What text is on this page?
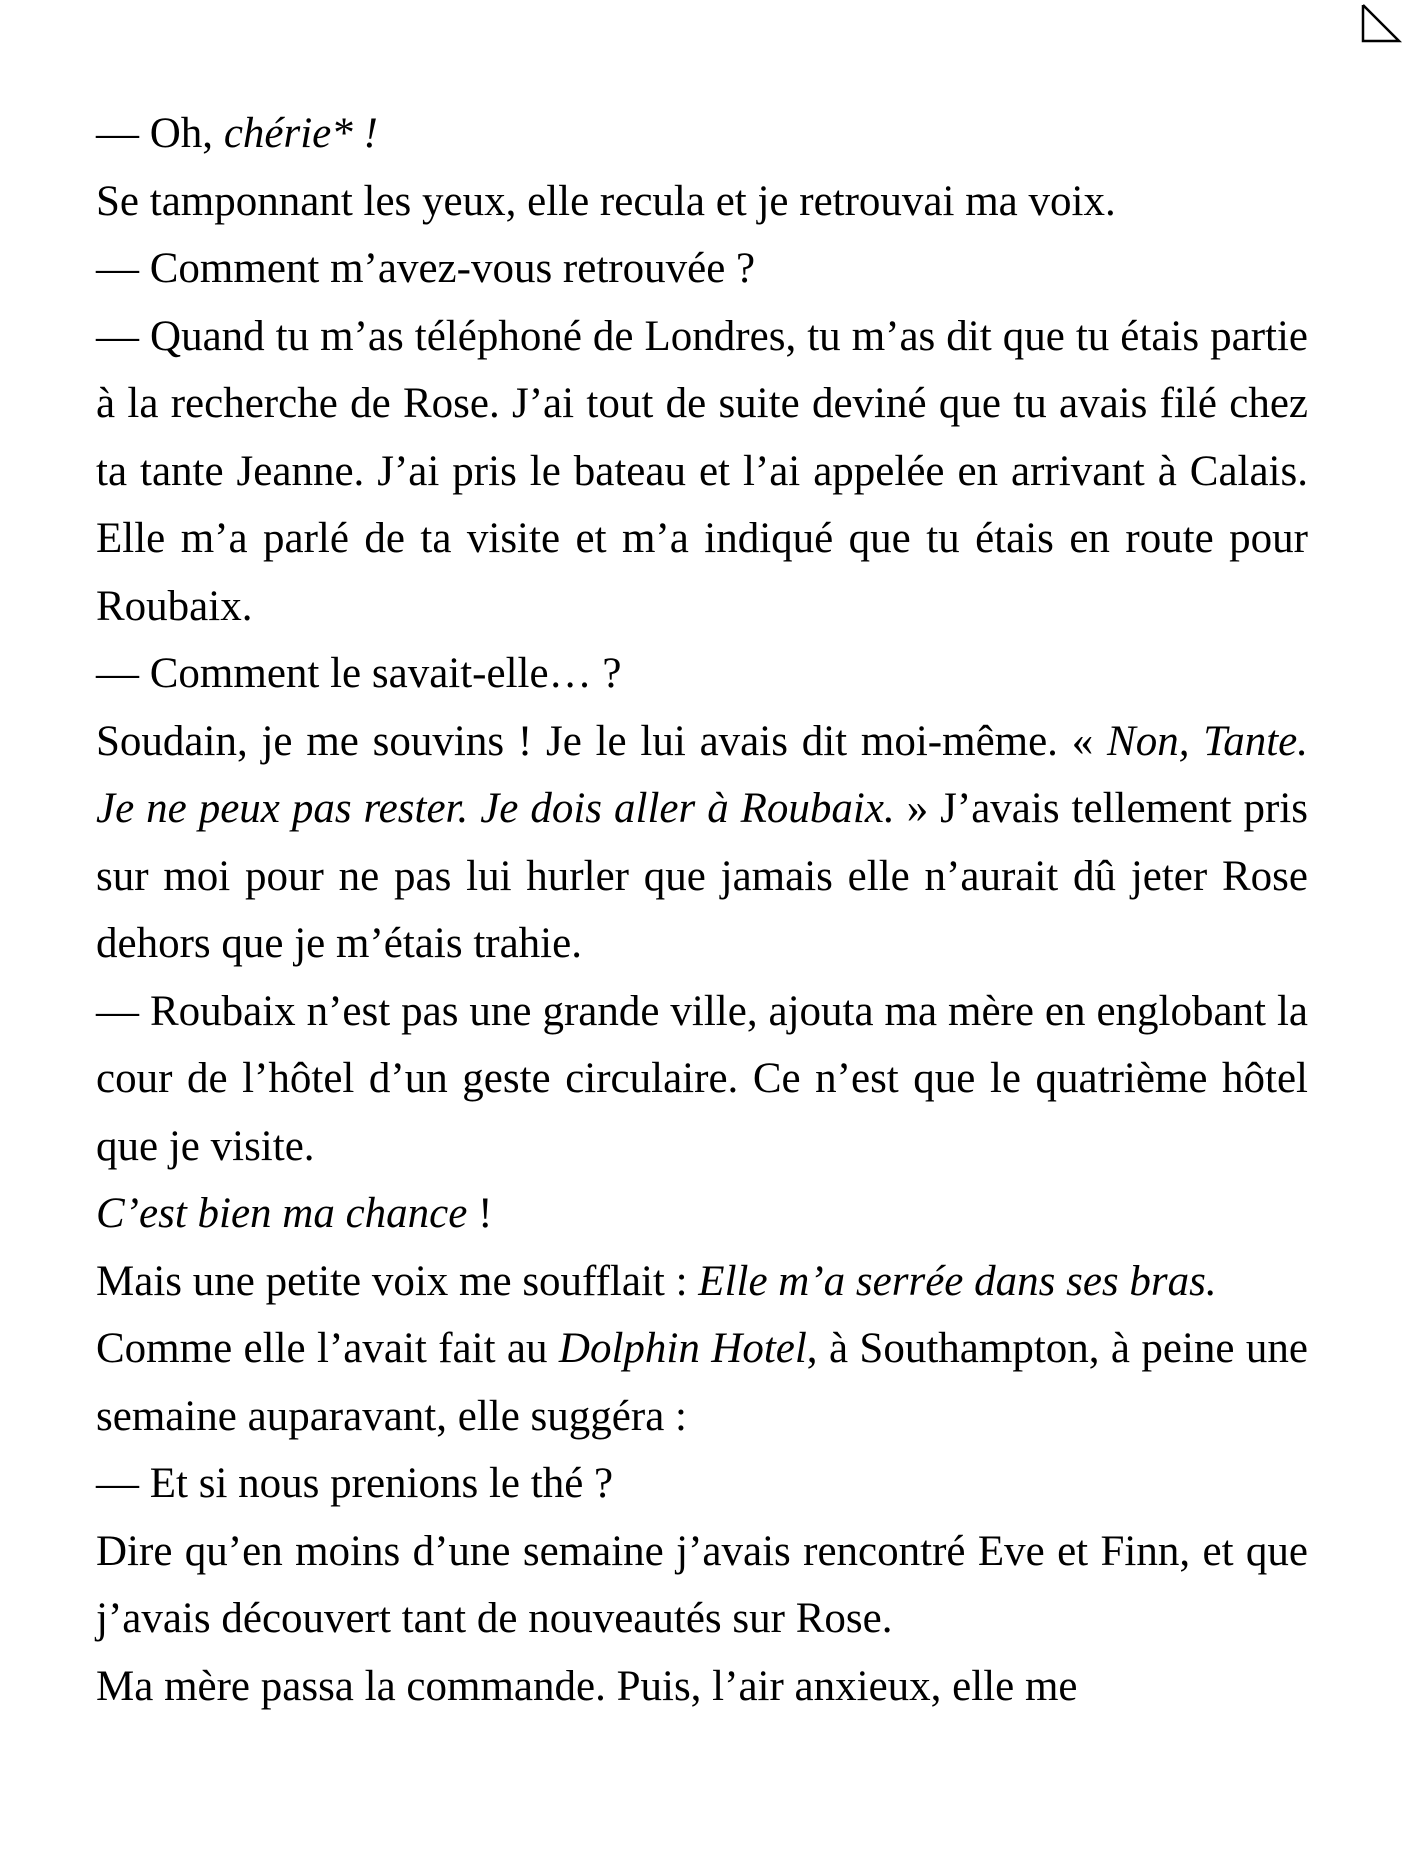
— Oh, chérie* !

Se tamponnant les yeux, elle recula et je retrouvai ma voix.

— Comment m’avez-vous retrouvée ?

— Quand tu m’as téléphoné de Londres, tu m’as dit que tu étais partie à la recherche de Rose. J’ai tout de suite deviné que tu avais filé chez ta tante Jeanne. J’ai pris le bateau et l’ai appelée en arrivant à Calais. Elle m’a parlé de ta visite et m’a indiqué que tu étais en route pour Roubaix.

— Comment le savait-elle… ?

Soudain, je me souvins ! Je le lui avais dit moi-même. « Non, Tante. Je ne peux pas rester. Je dois aller à Roubaix. » J’avais tellement pris sur moi pour ne pas lui hurler que jamais elle n’aurait dû jeter Rose dehors que je m’étais trahie.

— Roubaix n’est pas une grande ville, ajouta ma mère en englobant la cour de l’hôtel d’un geste circulaire. Ce n’est que le quatrième hôtel que je visite.

C’est bien ma chance !

Mais une petite voix me soufflait : Elle m’a serrée dans ses bras.

Comme elle l’avait fait au Dolphin Hotel, à Southampton, à peine une semaine auparavant, elle suggéra :

— Et si nous prenions le thé ?

Dire qu’en moins d’une semaine j’avais rencontré Eve et Finn, et que j’avais découvert tant de nouveautés sur Rose.

Ma mère passa la commande. Puis, l’air anxieux, elle me
